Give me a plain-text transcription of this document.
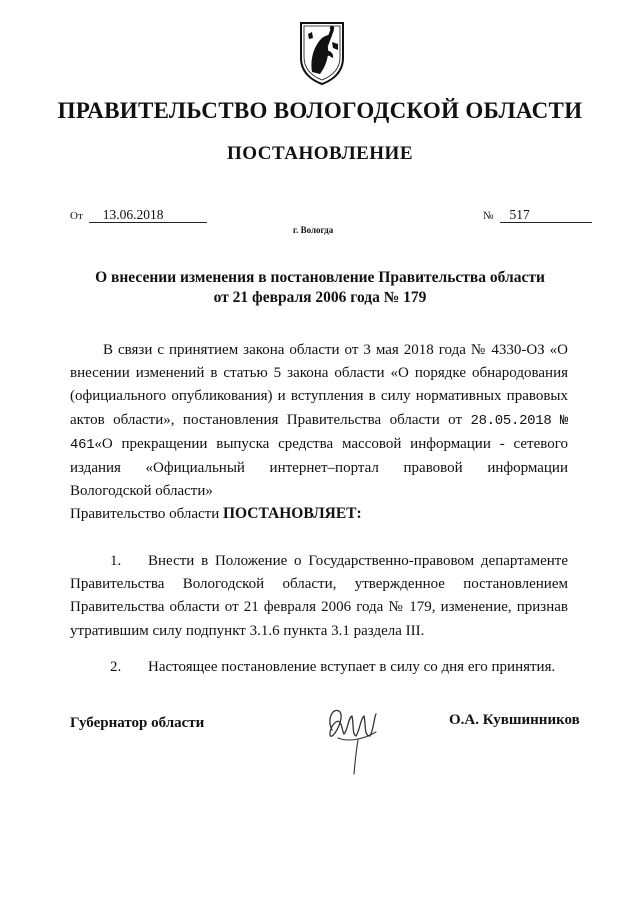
ПРАВИТЕЛЬСТВО ВОЛОГОДСКОЙ ОБЛАСТИ
ПОСТАНОВЛЕНИЕ
От 13.06.2018	№ 517
г. Вологда
О внесении изменения в постановление Правительства области
от 21 февраля 2006 года № 179
В связи с принятием закона области от 3 мая 2018 года № 4330-ОЗ «О внесении изменений в статью 5 закона области «О порядке обнародования (официального опубликования) и вступления в силу нормативных правовых актов области», постановления Правительства области от 28.05.2018 № 461«О прекращении выпуска средства массовой информации - сетевого издания «Официальный интернет–портал правовой информации Вологодской области»
Правительство области ПОСТАНОВЛЯЕТ:
1. Внести в Положение о Государственно-правовом департаменте Правительства Вологодской области, утвержденное постановлением Правительства области от 21 февраля 2006 года № 179, изменение, признав утратившим силу подпункт 3.1.6 пункта 3.1 раздела III.
2. Настоящее постановление вступает в силу со дня его принятия.
Губернатор области	О.А. Кувшинников
